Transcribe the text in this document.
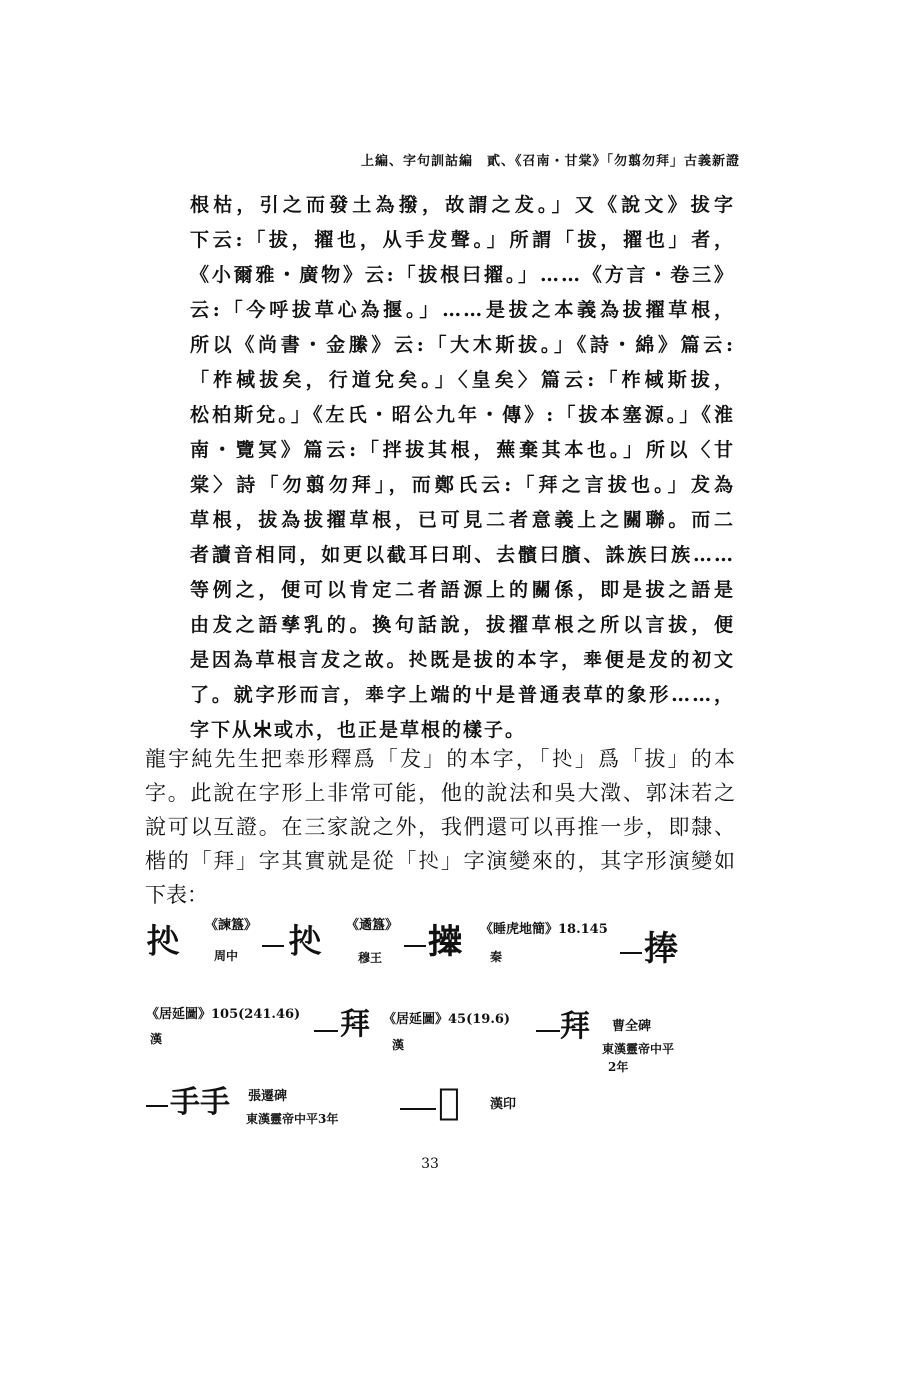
上編、字句訓詁編　貳、《召南・甘棠》「勿翦勿拜」古義新證
根枯，引之而發土為撥，故謂之犮。」又《說文》拔字
下云:「拔，擢也，从手犮聲。」所謂「拔，擢也」者，
《小爾雅・廣物》云:「拔根曰擢。」……《方言・卷三》
云:「今呼拔草心為揠。」……是拔之本義為拔擢草根，
所以《尚書・金縢》云:「大木斯拔。」《詩・綿》篇云:
「柞棫拔矣，行道兌矣。」〈皇矣〉篇云:「柞棫斯拔，
松柏斯兌。」《左氏・昭公九年・傳》:「拔本塞源。」《淮
南・覽冥》篇云:「拌拔其根，蕪棄其本也。」所以〈甘
棠〉詩「勿翦勿拜」，而鄭氏云:「拜之言拔也。」犮為
草根，拔為拔擢草根，已可見二者意義上之關聯。而二
者讀音相同，如更以截耳曰刵、去髕曰臏、誅族曰族……
等例之，便可以肯定二者語源上的關係，即是拔之語是
由犮之語孳乳的。換句話說，拔擢草根之所以言拔，便
是因為草根言犮之故。𢪍既是拔的本字，𠦪便是犮的初文
了。就字形而言，𠦪字上端的屮是普通表草的象形……，
字下从𣎵或朩，也正是草根的樣子。
龍宇純先生把𠦪形釋爲「犮」的本字，「𢪍」爲「拔」的本
字。此說在字形上非常可能，他的說法和吳大澂、郭沫若之
說可以互證。在三家說之外，我們還可以再推一步，即隸、
楷的「拜」字其實就是從「𢪍」字演變來的，其字形演變如
下表：
𢪍 《諫簋》
周中 𢪍 《遹簋》
穆王 𢷎 《睡虎地簡》18.145
秦	捧
《居延圖》105(241.46)
漢	拜 《居延圖》45(19.6)
漢
拜 曹全碑
東漢靈帝中平
2年
手手 張遷碑
東漢靈帝中平3年	𢴏 漢印
33
